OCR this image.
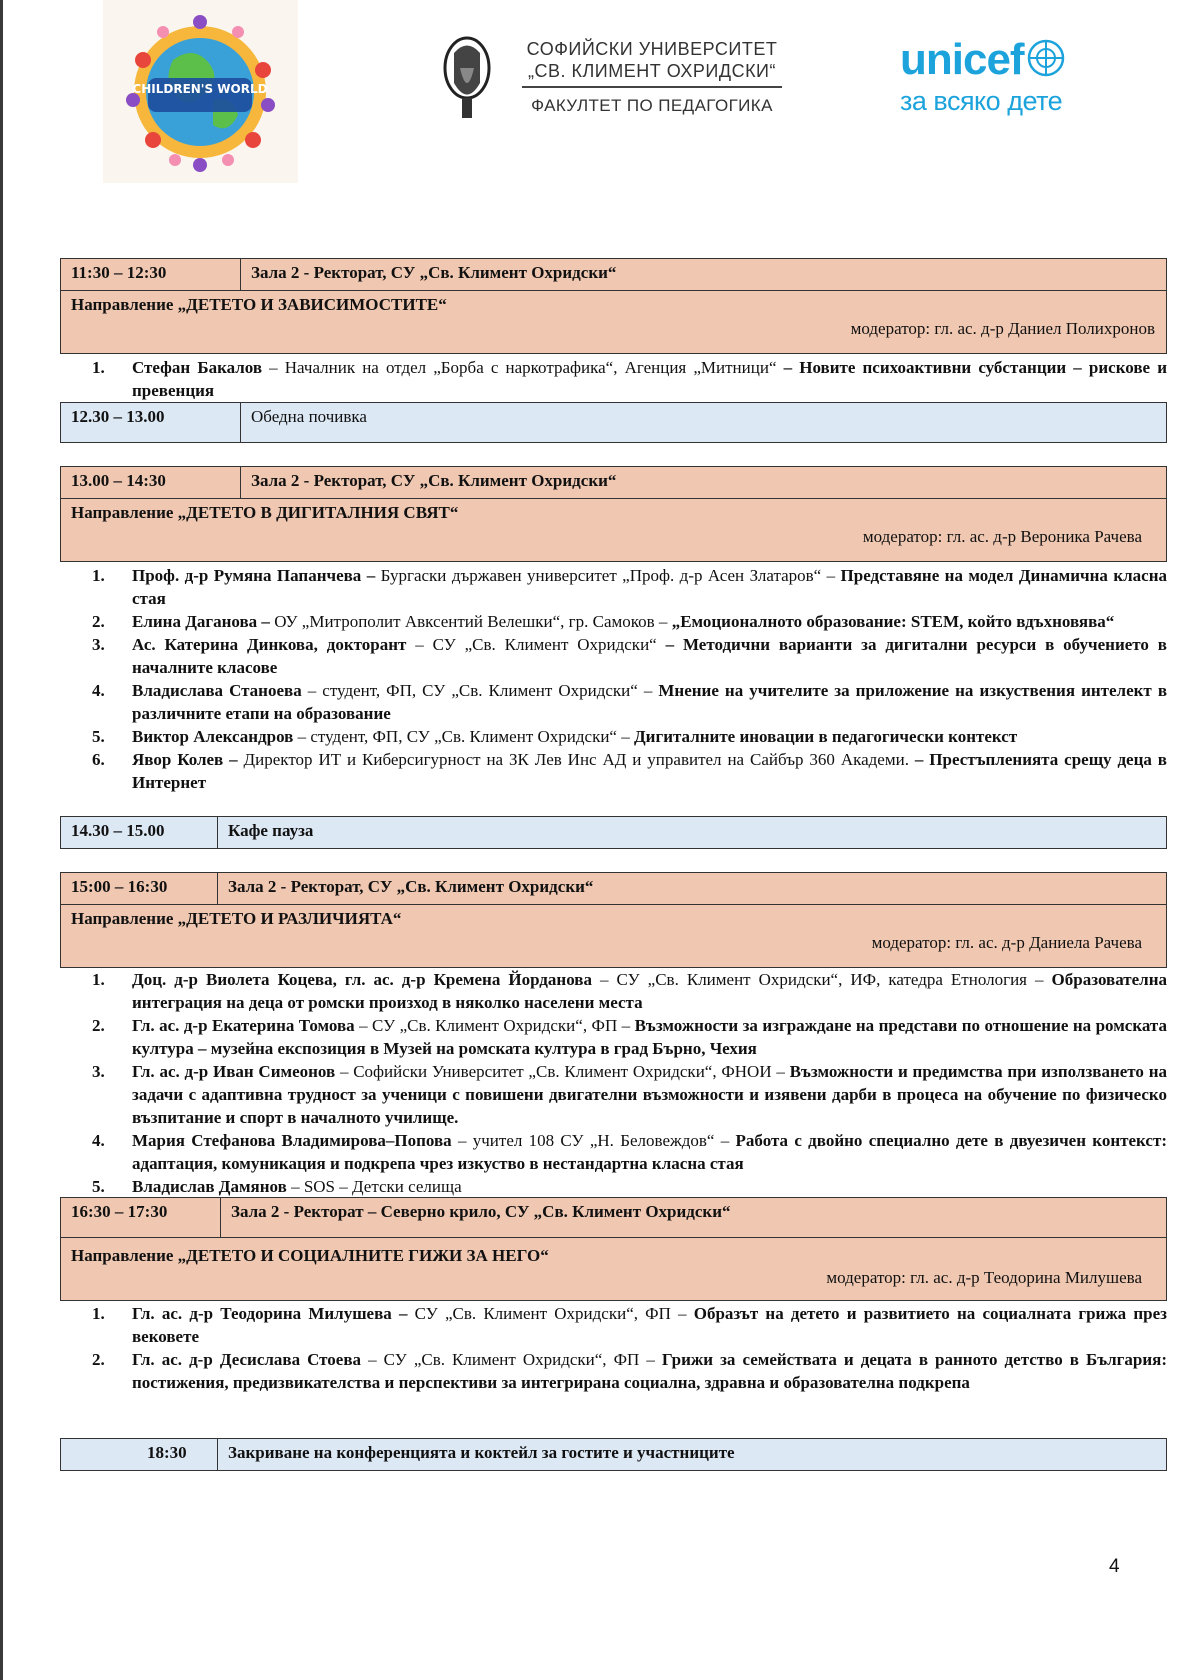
CHILDREN'S WORLD
СОФИЙСКИ УНИВЕРСИТЕТ
„СВ. КЛИМЕНТ ОХРИДСКИ“
ФАКУЛТЕТ ПО ПЕДАГОГИКА
unicef
за всяко дете
11:30 – 12:30	Зала 2 - Ректорат, СУ „Св. Климент Охридски“
Направление „ДЕТЕТО И ЗАВИСИМОСТИТЕ“
модератор: гл. ас. д-р Даниел Полихронов
1.	Стефан Бакалов – Началник на отдел „Борба с наркотрафика“, Агенция „Митници“ – Новите психоактивни субстанции – рискове и превенция
12.30 – 13.00	Обедна почивка
13.00 – 14:30	Зала 2 - Ректорат, СУ „Св. Климент Охридски“
Направление „ДЕТЕТО В ДИГИТАЛНИЯ СВЯТ“
модератор: гл. ас. д-р Вероника Рачева
1.	Проф. д-р Румяна Папанчева – Бургаски държавен университет „Проф. д-р Асен Златаров“ – Представяне на модел Динамична класна стая
2.	Елина Даганова – ОУ „Митрополит Авксентий Велешки“, гр. Самоков – „Емоционалното образование: STEM, който вдъхновява“
3.	Ас. Катерина Динкова, докторант – СУ „Св. Климент Охридски“ – Методични варианти за дигитални ресурси в обучението в началните класове
4.	Владислава Станоева – студент, ФП, СУ „Св. Климент Охридски“ – Мнение на учителите за приложение на изкуствения интелект в различните етапи на образование
5.	Виктор Александров – студент, ФП, СУ „Св. Климент Охридски“ – Дигиталните иновации в педагогически контекст
6.	Явор Колев – Директор ИТ и Киберсигурност на ЗК Лев Инс АД и управител на Сайбър 360 Академи. – Престъпленията срещу деца в Интернет
14.30 – 15.00	Кафе пауза
15:00 – 16:30	Зала 2 - Ректорат, СУ „Св. Климент Охридски“
Направление „ДЕТЕТО И РАЗЛИЧИЯТА“
модератор: гл. ас. д-р Даниела Рачева
1.	Доц. д-р Виолета Коцева, гл. ас. д-р Кремена Йорданова – СУ „Св. Климент Охридски“, ИФ, катедра Етнология – Образователна интеграция на деца от ромски произход в няколко населени места
2.	Гл. ас. д-р Екатерина Томова – СУ „Св. Климент Охридски“, ФП – Възможности за изграждане на представи по отношение на ромската култура – музейна експозиция в Музей на ромската култура в град Бърно, Чехия
3.	Гл. ас. д-р Иван Симеонов – Софийски Университет „Св. Климент Охридски“, ФНОИ – Възможности и предимства при използването на задачи с адаптивна трудност за ученици с повишени двигателни възможности и изявени дарби в процеса на обучение по физическо възпитание и спорт в началното училище.
4.	Мария Стефанова Владимирова–Попова – учител 108 СУ „Н. Беловеждов“ – Работа с двойно специално дете в двуезичен контекст: адаптация, комуникация и подкрепа чрез изкуство в нестандартна класна стая
5.	Владислав Дамянов – SOS – Детски селища
16:30 – 17:30	Зала 2 - Ректорат – Северно крило, СУ „Св. Климент Охридски“
Направление „ДЕТЕТО И СОЦИАЛНИТЕ ГИЖИ ЗА НЕГО“
модератор: гл. ас. д-р Теодорина Милушева
1.	Гл. ас. д-р Теодорина Милушева – СУ „Св. Климент Охридски“, ФП – Образът на детето и развитието на социалната грижа през вековете
2.	Гл. ас. д-р Десислава Стоева – СУ „Св. Климент Охридски“, ФП – Грижи за семействата и децата в ранното детство в България: постижения, предизвикателства и перспективи за интегрирана социална, здравна и образователна подкрепа
18:30	Закриване на конференцията и коктейл за гостите и участниците
4
